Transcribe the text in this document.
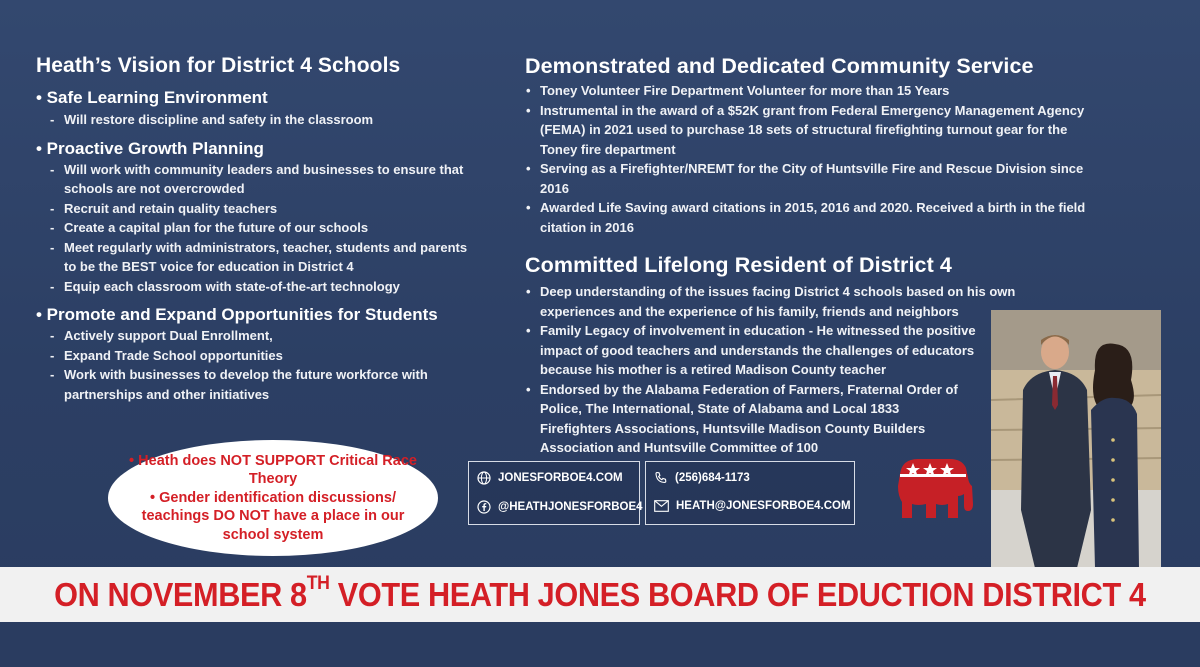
Heath’s Vision for District 4 Schools
• Safe Learning Environment
- Will restore discipline and safety in the classroom
• Proactive Growth Planning
- Will work with community leaders and businesses to ensure that schools are not overcrowded
- Recruit and retain quality teachers
- Create a capital plan for the future of our schools
- Meet regularly with administrators, teacher, students and parents to be the BEST voice for education in District 4
- Equip each classroom with state-of-the-art technology
• Promote and Expand Opportunities for Students
- Actively support Dual Enrollment,
- Expand Trade School opportunities
- Work with businesses to develop the future workforce with partnerships and other initiatives
Demonstrated and Dedicated Community Service
• Toney Volunteer Fire Department Volunteer for more than 15 Years
• Instrumental in the award of a $52K grant from Federal Emergency Management Agency (FEMA) in 2021 used to purchase 18 sets of structural firefighting turnout gear for the Toney fire department
• Serving as a Firefighter/NREMT for the City of Huntsville Fire and Rescue Division since 2016
• Awarded Life Saving award citations in 2015, 2016 and 2020. Received a birth in the field citation in 2016
Committed Lifelong Resident of District 4
• Deep understanding of the issues facing District 4 schools based on his own experiences and the experience of his family, friends and neighbors
• Family Legacy of involvement in education - He witnessed the positive impact of good teachers and understands the challenges of educators because his mother is a retired Madison County teacher
• Endorsed by the Alabama Federation of Farmers, Fraternal Order of Police, The International, State of Alabama and Local 1833 Firefighters Associations, Huntsville Madison County Builders Association and Huntsville Committee of 100
• Heath does NOT SUPPORT Critical Race Theory
• Gender identification discussions/ teachings DO NOT have a place in our school system
JONESFORBOE4.COM
@HEATHJONESFORBOE4
(256)684-1173
HEATH@JONESFORBOE4.COM
ON NOVEMBER 8TH VOTE HEATH JONES BOARD OF EDUCTION DISTRICT 4
